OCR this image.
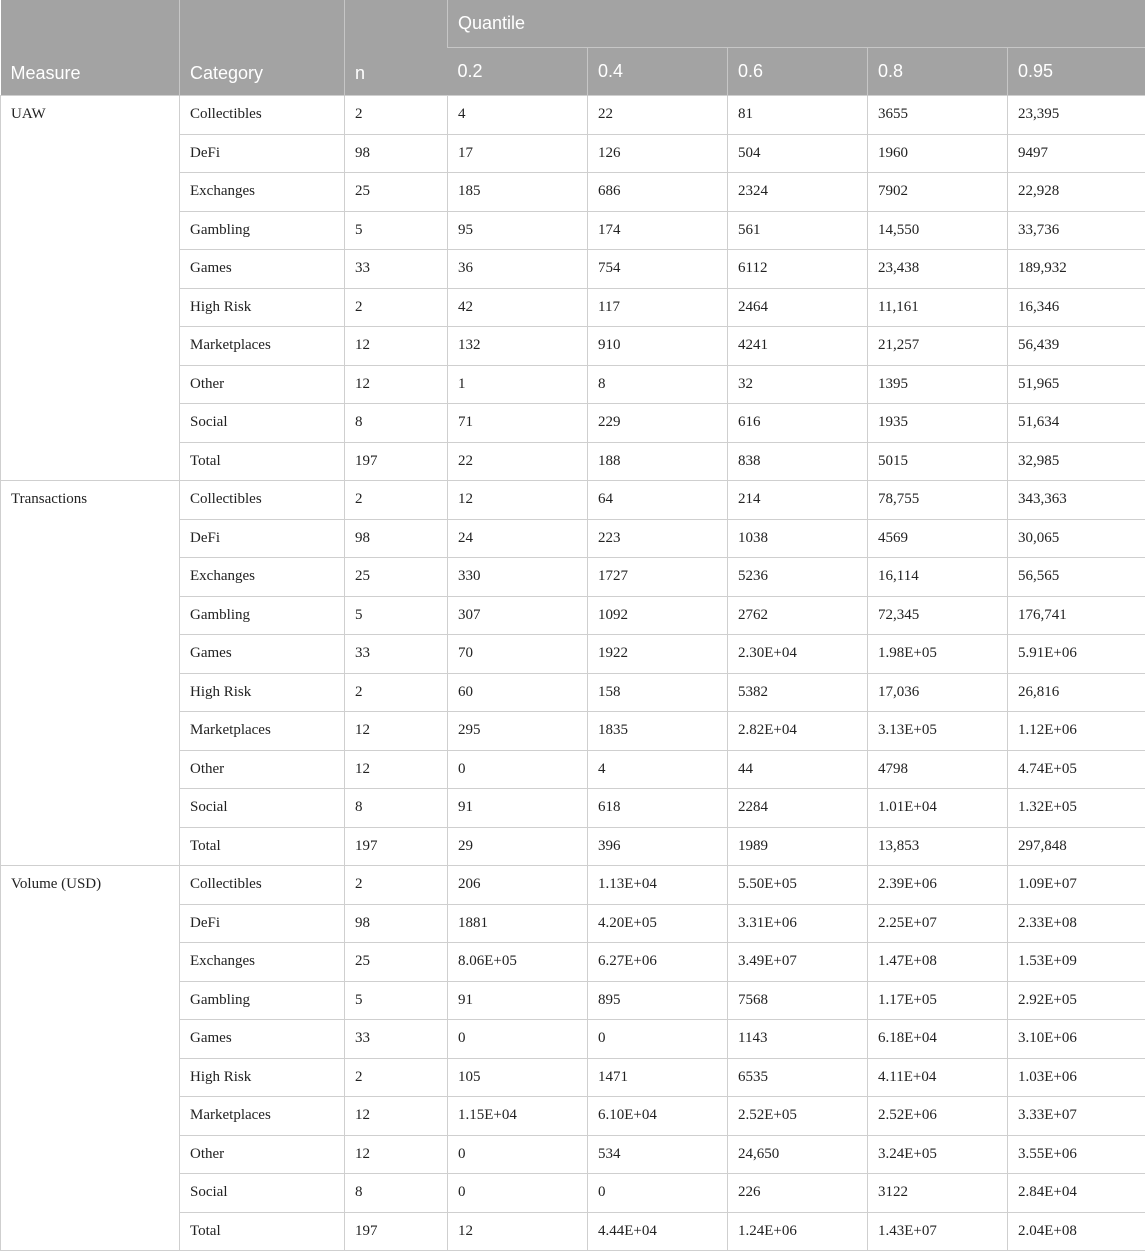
Measure	Category	n	Quantile				
			0.2	0.4	0.6	0.8	0.95
UAW	Collectibles	2	4	22	81	3655	23,395
	DeFi	98	17	126	504	1960	9497
	Exchanges	25	185	686	2324	7902	22,928
	Gambling	5	95	174	561	14,550	33,736
	Games	33	36	754	6112	23,438	189,932
	High Risk	2	42	117	2464	11,161	16,346
	Marketplaces	12	132	910	4241	21,257	56,439
	Other	12	1	8	32	1395	51,965
	Social	8	71	229	616	1935	51,634
	Total	197	22	188	838	5015	32,985
Transactions	Collectibles	2	12	64	214	78,755	343,363
	DeFi	98	24	223	1038	4569	30,065
	Exchanges	25	330	1727	5236	16,114	56,565
	Gambling	5	307	1092	2762	72,345	176,741
	Games	33	70	1922	2.30E+04	1.98E+05	5.91E+06
	High Risk	2	60	158	5382	17,036	26,816
	Marketplaces	12	295	1835	2.82E+04	3.13E+05	1.12E+06
	Other	12	0	4	44	4798	4.74E+05
	Social	8	91	618	2284	1.01E+04	1.32E+05
	Total	197	29	396	1989	13,853	297,848
Volume (USD)	Collectibles	2	206	1.13E+04	5.50E+05	2.39E+06	1.09E+07
	DeFi	98	1881	4.20E+05	3.31E+06	2.25E+07	2.33E+08
	Exchanges	25	8.06E+05	6.27E+06	3.49E+07	1.47E+08	1.53E+09
	Gambling	5	91	895	7568	1.17E+05	2.92E+05
	Games	33	0	0	1143	6.18E+04	3.10E+06
	High Risk	2	105	1471	6535	4.11E+04	1.03E+06
	Marketplaces	12	1.15E+04	6.10E+04	2.52E+05	2.52E+06	3.33E+07
	Other	12	0	534	24,650	3.24E+05	3.55E+06
	Social	8	0	0	226	3122	2.84E+04
	Total	197	12	4.44E+04	1.24E+06	1.43E+07	2.04E+08
